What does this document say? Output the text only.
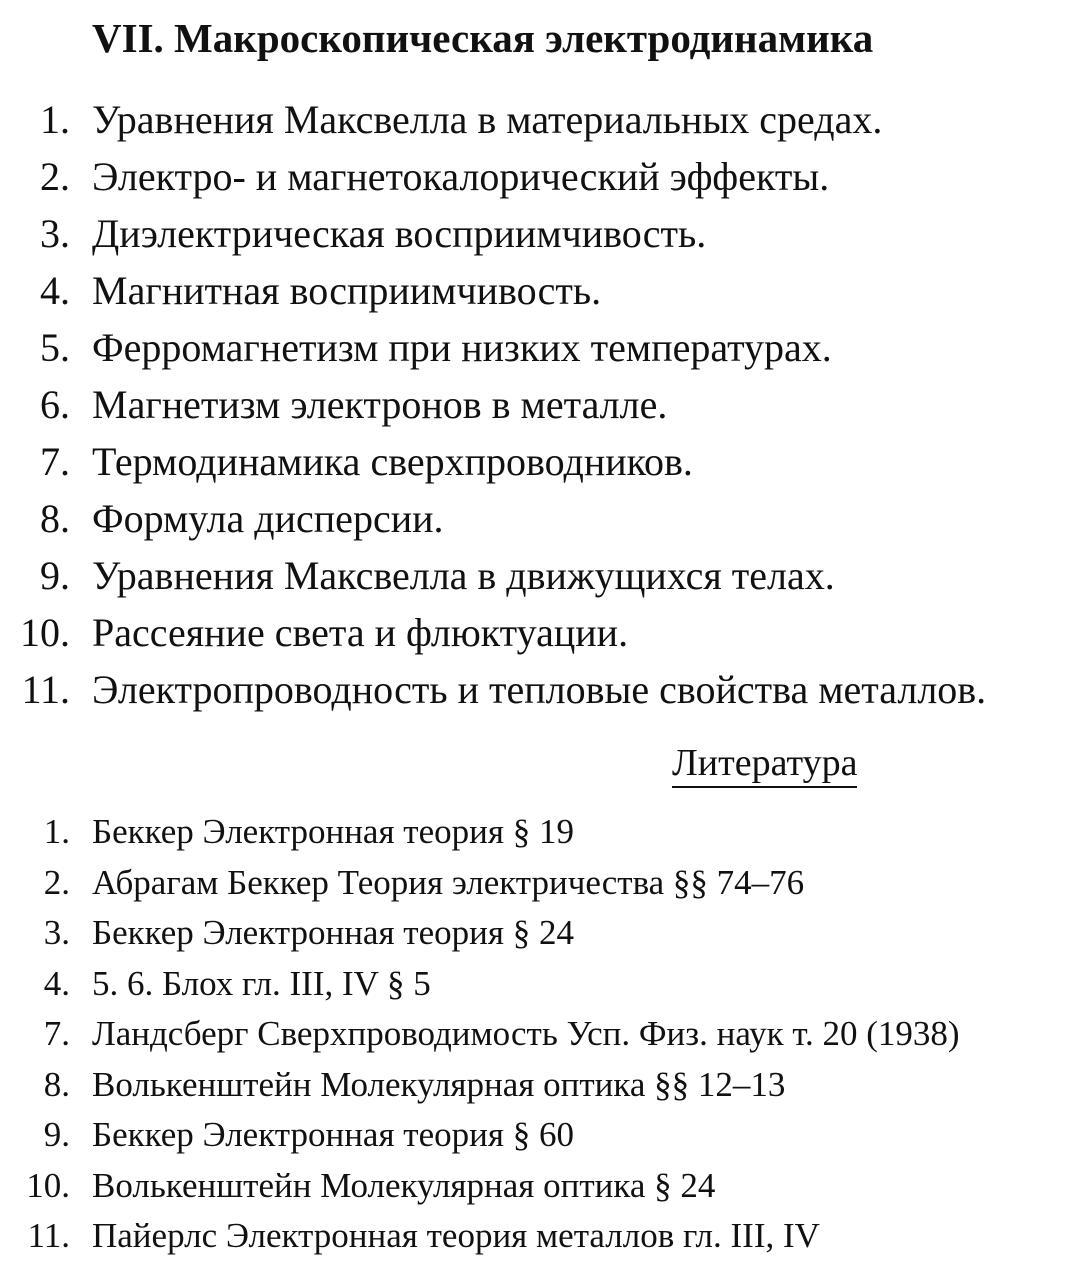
VII. Макроскопическая электродинамика
1. Уравнения Максвелла в материальных средах.
2. Электро- и магнетокалорический эффекты.
3. Диэлектрическая восприимчивость.
4. Магнитная восприимчивость.
5. Ферромагнетизм при низких температурах.
6. Магнетизм электронов в металле.
7. Термодинамика сверхпроводников.
8. Формула дисперсии.
9. Уравнения Максвелла в движущихся телах.
10. Рассеяние света и флюктуации.
11. Электропроводность и тепловые свойства металлов.
Литература
1. Беккер Электронная теория § 19
2. Абрагам Беккер Теория электричества §§ 74–76
3. Беккер Электронная теория § 24
4. 5. 6. Блох гл. III, IV § 5
7. Ландсберг Сверхпроводимость Усп. Физ. наук т. 20 (1938)
8. Волькенштейн Молекулярная оптика §§ 12–13
9. Беккер Электронная теория § 60
10. Волькенштейн Молекулярная оптика § 24
11. Пайерлс Электронная теория металлов гл. III, IV
